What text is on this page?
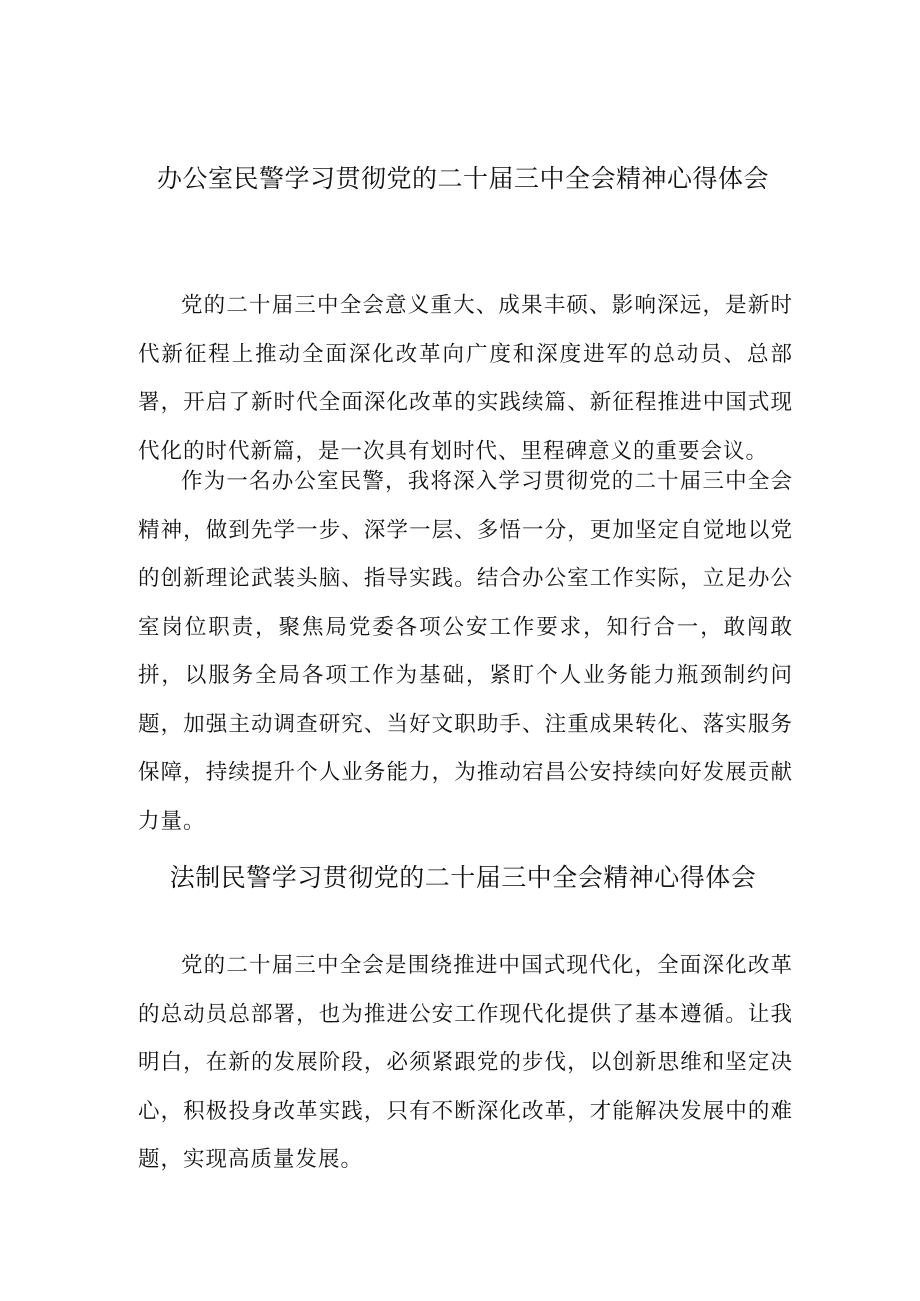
办公室民警学习贯彻党的二十届三中全会精神心得体会

党的二十届三中全会意义重大、成果丰硕、影响深远，是新时代新征程上推动全面深化改革向广度和深度进军的总动员、总部署，开启了新时代全面深化改革的实践续篇、新征程推进中国式现代化的时代新篇，是一次具有划时代、里程碑意义的重要会议。

作为一名办公室民警，我将深入学习贯彻党的二十届三中全会精神，做到先学一步、深学一层、多悟一分，更加坚定自觉地以党的创新理论武装头脑、指导实践。结合办公室工作实际，立足办公室岗位职责，聚焦局党委各项公安工作要求，知行合一，敢闯敢拼，以服务全局各项工作为基础，紧盯个人业务能力瓶颈制约问题，加强主动调查研究、当好文职助手、注重成果转化、落实服务保障，持续提升个人业务能力，为推动宕昌公安持续向好发展贡献力量。

法制民警学习贯彻党的二十届三中全会精神心得体会

党的二十届三中全会是围绕推进中国式现代化，全面深化改革的总动员总部署，也为推进公安工作现代化提供了基本遵循。让我明白，在新的发展阶段，必须紧跟党的步伐，以创新思维和坚定决心，积极投身改革实践，只有不断深化改革，才能解决发展中的难题，实现高质量发展。
